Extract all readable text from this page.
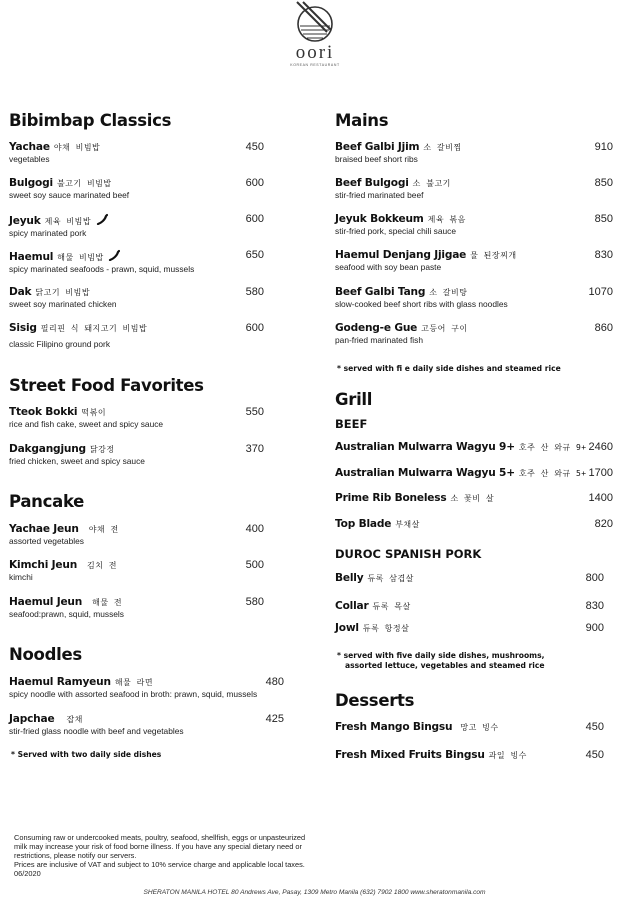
oori
KOREAN RESTAURANT
Bibimbap Classics
Yachae 야채 비빔밥
vegetables
450
Bulgogi 불고기 비빔밥
sweet soy sauce marinated beef
600
Jeyuk 제육 비빔밥
spicy marinated pork
600
Haemul 해물 비빔밥
spicy marinated seafoods - prawn, squid, mussels
650
Dak 닭고기 비빔밥
sweet soy marinated chicken
580
Sisig 필리핀 식 돼지고기 비빔밥
classic Filipino ground pork
600
Street Food Favorites
Tteok Bokki 떡볶이
rice and fish cake, sweet and spicy sauce
550
Dakgangjung 닭강정
fried chicken, sweet and spicy sauce
370
Pancake
Yachae Jeun 야채 전
assorted vegetables
400
Kimchi Jeun 김치 전
kimchi
500
Haemul Jeun 해물 전
seafood:prawn, squid, mussels
580
Noodles
Haemul Ramyeun 해물 라면
spicy noodle with assorted seafood in broth: prawn, squid, mussels
480
Japchae 잡채
stir-fried glass noodle with beef and vegetables
425
* Served with two daily side dishes
Mains
Beef Galbi Jjim 소 갈비찜
braised beef short ribs
910
Beef Bulgogi 소 불고기
stir-fried marinated beef
850
Jeyuk Bokkeum 제육 볶음
stir-fried pork, special chili sauce
850
Haemul Denjang Jjigae 물 된장찌개
seafood with soy bean paste
830
Beef Galbi Tang 소 갈비탕
slow-cooked beef short ribs with glass noodles
1070
Godeng-e Gue 고등어 구이
pan-fried marinated fish
860
* served with fi e daily side dishes and steamed rice
Grill
BEEF
Australian Mulwarra Wagyu 9+ 호주 산 와규 9+ 2460
Australian Mulwarra Wagyu 5+ 호주 산 와규 5+ 1700
Prime Rib Boneless 소 꽃비 살	1400
Top Blade 부채살	820
DUROC SPANISH PORK
Belly 듀록 삼겹살	800
Collar 듀록 목살	830
Jowl 듀록 항정살	900
* served with five daily side dishes, mushrooms,
assorted lettuce, vegetables and steamed rice
Desserts
Fresh Mango Bingsu 망고 빙수	450
Fresh Mixed Fruits Bingsu 과일 빙수	450
Consuming raw or undercooked meats, poultry, seafood, shellfish, eggs or unpasteurized
milk may increase your risk of food borne illness. If you have any special dietary need or
restrictions, please notify our servers.
Prices are inclusive of VAT and subject to 10% service charge and applicable local taxes.
06/2020
SHERATON MANILA HOTEL 80 Andrews Ave, Pasay, 1309 Metro Manila (632) 7902 1800 www.sheratonmanila.com
